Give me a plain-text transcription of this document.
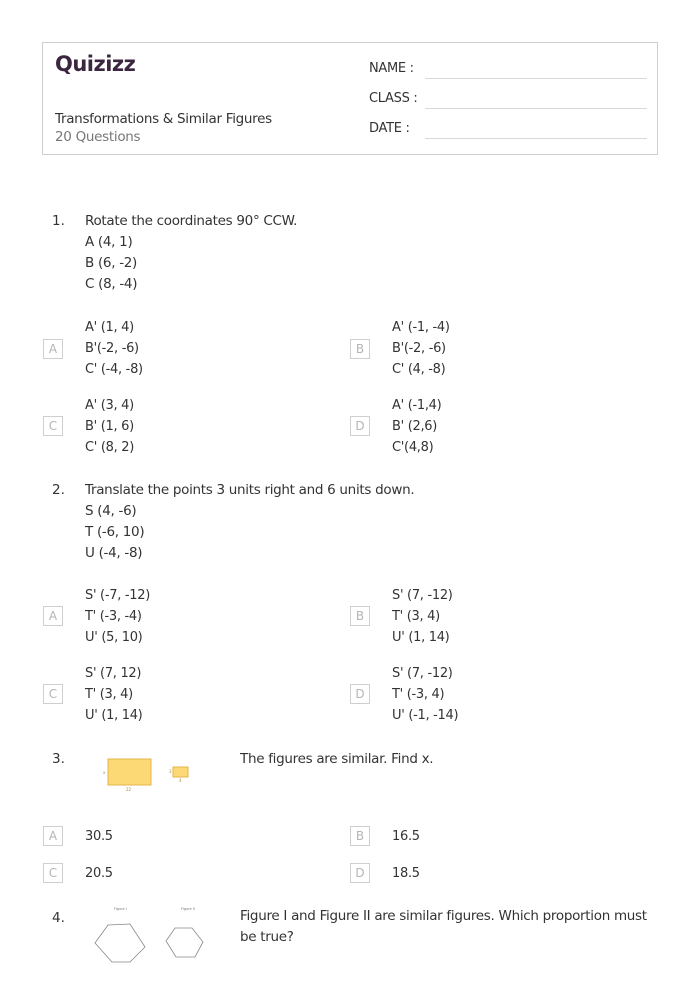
Quizizz
Transformations & Similar Figures
20 Questions
NAME :
CLASS :
DATE :
1. Rotate the coordinates 90° CCW.
A (4, 1)
B (6, -2)
C (8, -4)
A
A' (1, 4)
B'(-2, -6)
C' (-4, -8)
B
A' (-1, -4)
B'(-2, -6)
C' (4, -8)
C
A' (3, 4)
B' (1, 6)
C' (8, 2)
D
A' (-1,4)
B' (2,6)
C'(4,8)
2. Translate the points 3 units right and 6 units down.
S (4, -6)
T (-6, 10)
U (-4, -8)
A
S' (-7, -12)
T' (-3, -4)
U' (5, 10)
B
S' (7, -12)
T' (3, 4)
U' (1, 14)
C
S' (7, 12)
T' (3, 4)
U' (1, 14)
D
S' (7, -12)
T' (-3, 4)
U' (-1, -14)
3.
x
22
3
4
The figures are similar. Find x.
A	30.5	B	16.5
C	20.5	D	18.5
4.
Figure I	Figure II	Figure I and Figure II are similar figures. Which proportion must
be true?
